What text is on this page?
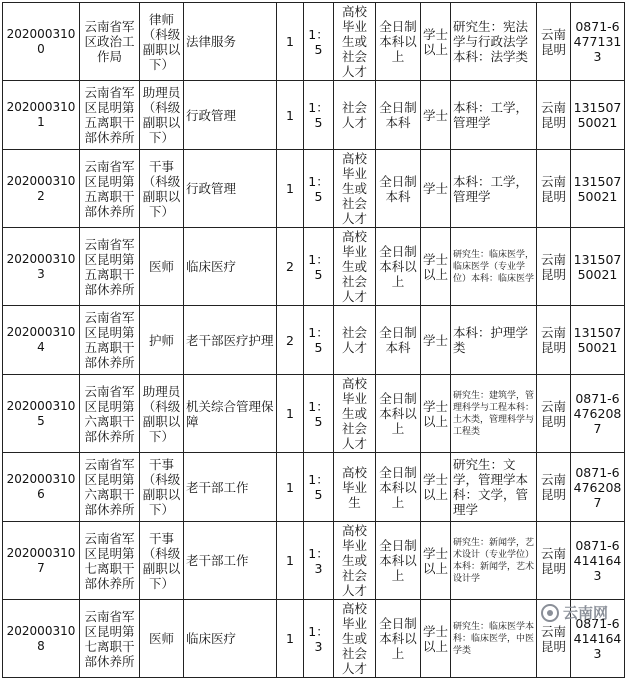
2020003100	云南省军区政治工作局	律师（科级副职以下）	法律服务	1	1：5	高校毕业生或社会人才	全日制本科以上	学士以上	研究生：宪法学与行政法学本科：法学类	云南昆明	0871-64771313
2020003101	云南省军区昆明第五离职干部休养所	助理员（科级副职以下）	行政管理	1	1：5	社会人才	全日制本科	学士	本科：工学，管理学	云南昆明	13150750021
2020003102	云南省军区昆明第五离职干部休养所	干事（科级副职以下）	行政管理	1	1：5	高校毕业生或社会人才	全日制本科	学士	本科：工学，管理学	云南昆明	13150750021
2020003103	云南省军区昆明第五离职干部休养所	医师	临床医疗	2	1：5	高校毕业生或社会人才	全日制本科以上	学士以上	研究生：临床医学，临床医学（专业学位）本科：临床医学	云南昆明	13150750021
2020003104	云南省军区昆明第五离职干部休养所	护师	老干部医疗护理	2	1：5	社会人才	全日制本科	学士	本科：护理学类	云南昆明	13150750021
2020003105	云南省军区昆明第六离职干部休养所	助理员（科级副职以下）	机关综合管理保障	1	1：5	高校毕业生或社会人才	全日制本科以上	学士以上	研究生：建筑学，管理科学与工程本科：土木类，管理科学与工程类	云南昆明	0871-64762087
2020003106	云南省军区昆明第六离职干部休养所	干事（科级副职以下）	老干部工作	1	1：5	高校毕业生	全日制本科以上	学士以上	研究生：文学，管理学本科：文学，管理学	云南昆明	0871-64762087
2020003107	云南省军区昆明第七离职干部休养所	干事（科级副职以下）	老干部工作	1	1：3	高校毕业生或社会人才	全日制本科以上	学士以上	研究生：新闻学，艺术设计（专业学位）本科：新闻学，艺术设计学	云南昆明	0871-64141643
2020003108	云南省军区昆明第七离职干部休养所	医师	临床医疗	1	1：3	高校毕业生或社会人才	全日制本科以上	学士以上	研究生：临床医学本科：临床医学，中医学类	云南昆明	0871-64141643
云南网
